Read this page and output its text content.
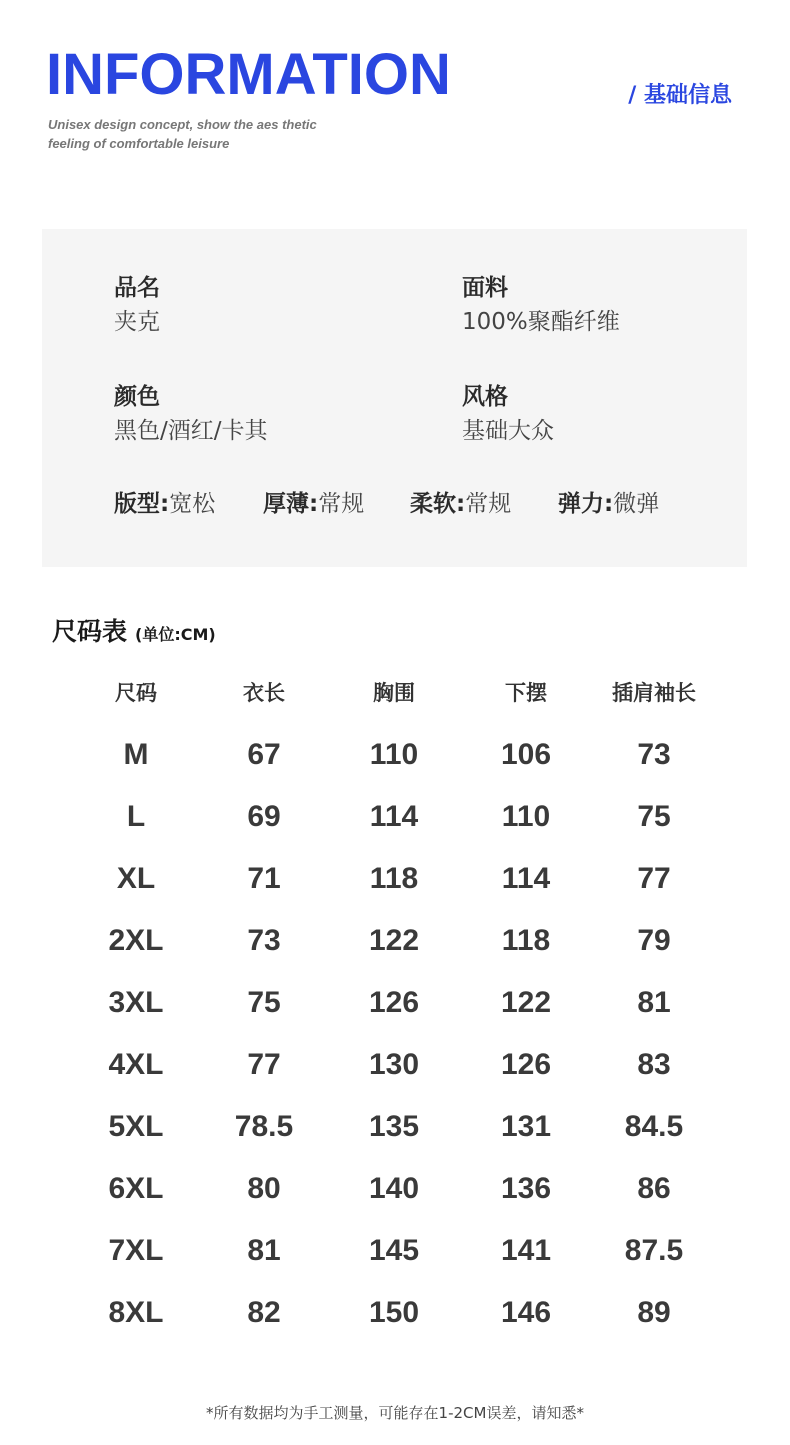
INFORMATION	/ 基础信息
Unisex design concept, show the aes thetic
feeling of comfortable leisure
品名
夹克
面料
100%聚酯纤维
颜色
黑色/酒红/卡其
风格
基础大众
版型:宽松 厚薄:常规 柔软:常规 弹力:微弹
尺码表 (单位:CM)
尺码	衣长	胸围	下摆	插肩袖长
M	67	110	106	73
L	69	114	110	75
XL	71	118	114	77
2XL	73	122	118	79
3XL	75	126	122	81
4XL	77	130	126	83
5XL	78.5	135	131	84.5
6XL	80	140	136	86
7XL	81	145	141	87.5
8XL	82	150	146	89
*所有数据均为手工测量，可能存在1-2CM误差，请知悉*
